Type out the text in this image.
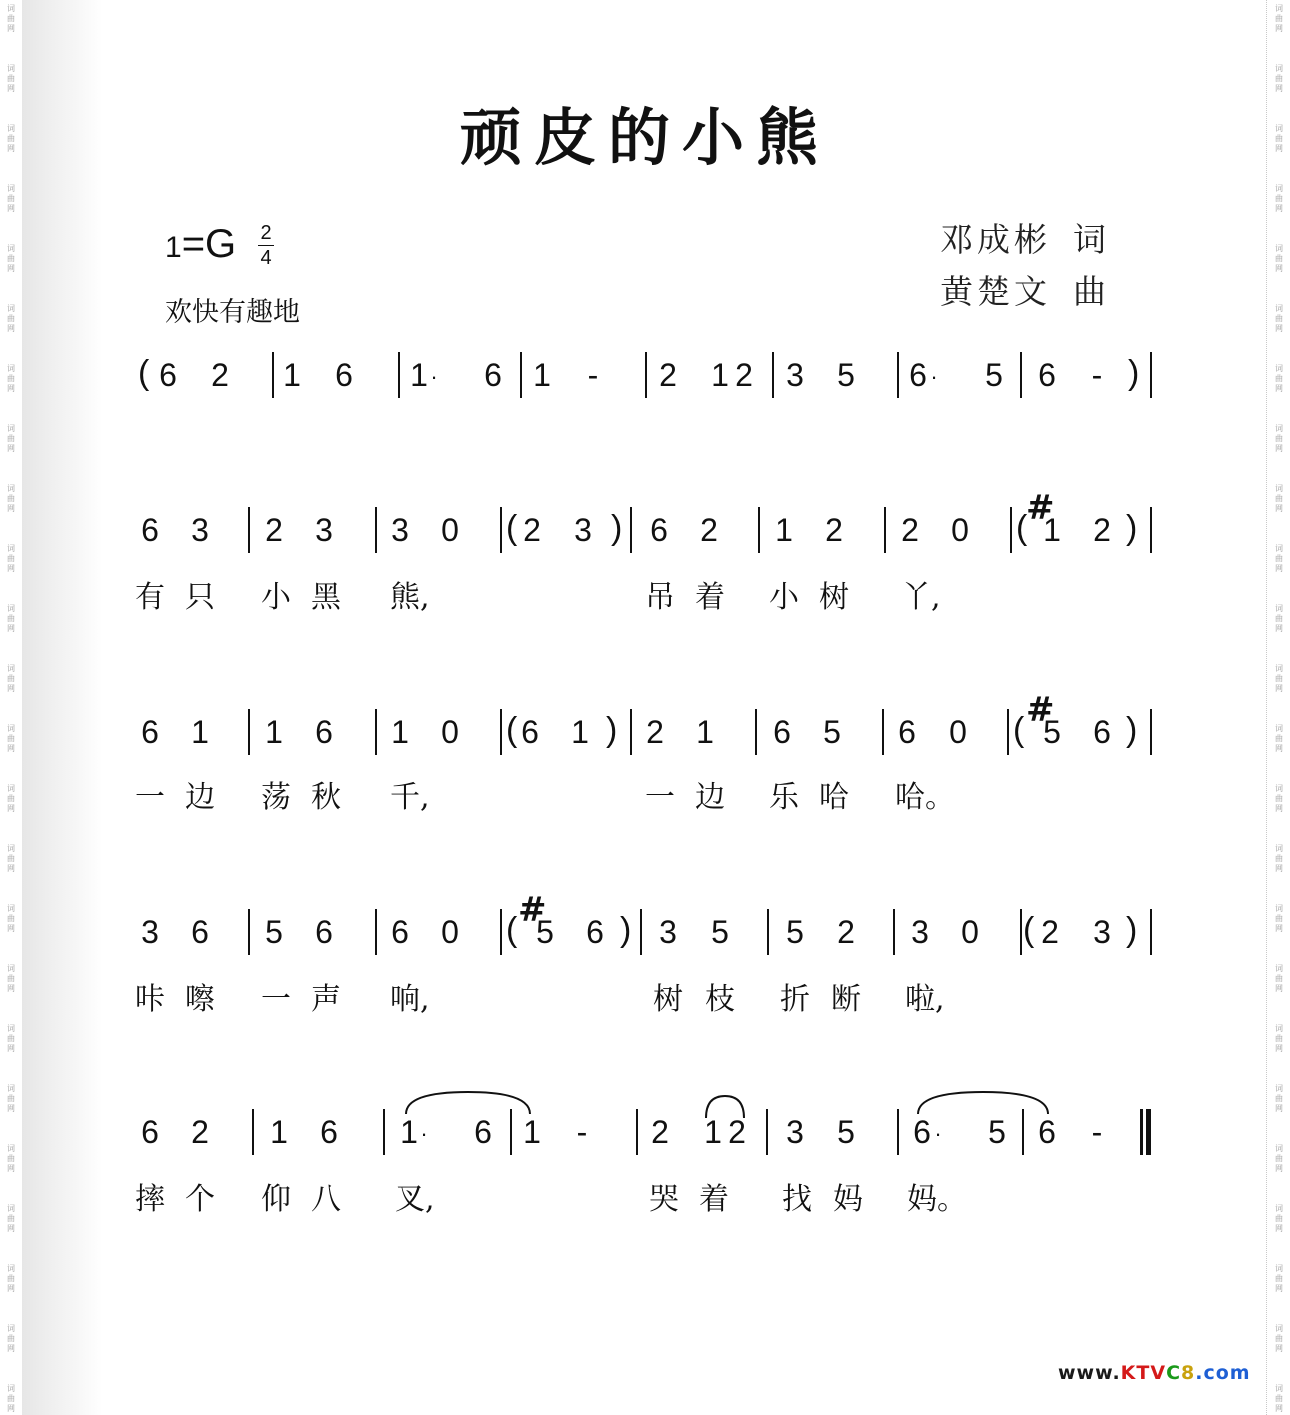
词
曲
网
词
曲
网
词
曲
网
词
曲
网
词
曲
网
词
曲
网
词
曲
网
词
曲
网
词
曲
网
词
曲
网
词
曲
网
词
曲
网
词
曲
网
词
曲
网
词
曲
网
词
曲
网
词
曲
网
词
曲
网
词
曲
网
词
曲
网
词
曲
网
词
曲
网
词
曲
网
词
曲
网
词
曲
网
词
曲
网
词
曲
网
词
曲
网
词
曲
网
词
曲
网
词
曲
网
词
曲
网
词
曲
网
词
曲
网
词
曲
网
词
曲
网
词
曲
网
词
曲
网
词
曲
网
词
曲
网
词
曲
网
词
曲
网
词
曲
网
词
曲
网
词
曲
网
词
曲
网
词
曲
网
词
曲
网
顽皮的小熊
1=G 2
4
欢快有趣地
邓成彬 词
黄楚文 曲
6 2 1 6 1 · 6 1 - 2 1 2 3 5 6 · 5 6 -
(	)
6 3 2 3 3 0 2 3 6 2 1 2 2 0 1 2
(	)	(	)
#
有 只 小 黑 熊,	吊 着 小 树 丫,
6 1 1 6 1 0 6 1 2 1 6 5 6 0 5 6
(	)	(	)
#
一 边 荡 秋 千,	一 边 乐 哈 哈。
3 6 5 6 6 0 5 6 3 5 5 2 3 0 2 3
(	)	(	)
#
咔 嚓 一 声 响,	树 枝 折 断 啦,
6 2 1 6 1 · 6 1 - 2 1 2 3 5 6 · 5 6 -
摔 个 仰 八 叉,	哭 着 找 妈 妈。
www.KTVC8.com
